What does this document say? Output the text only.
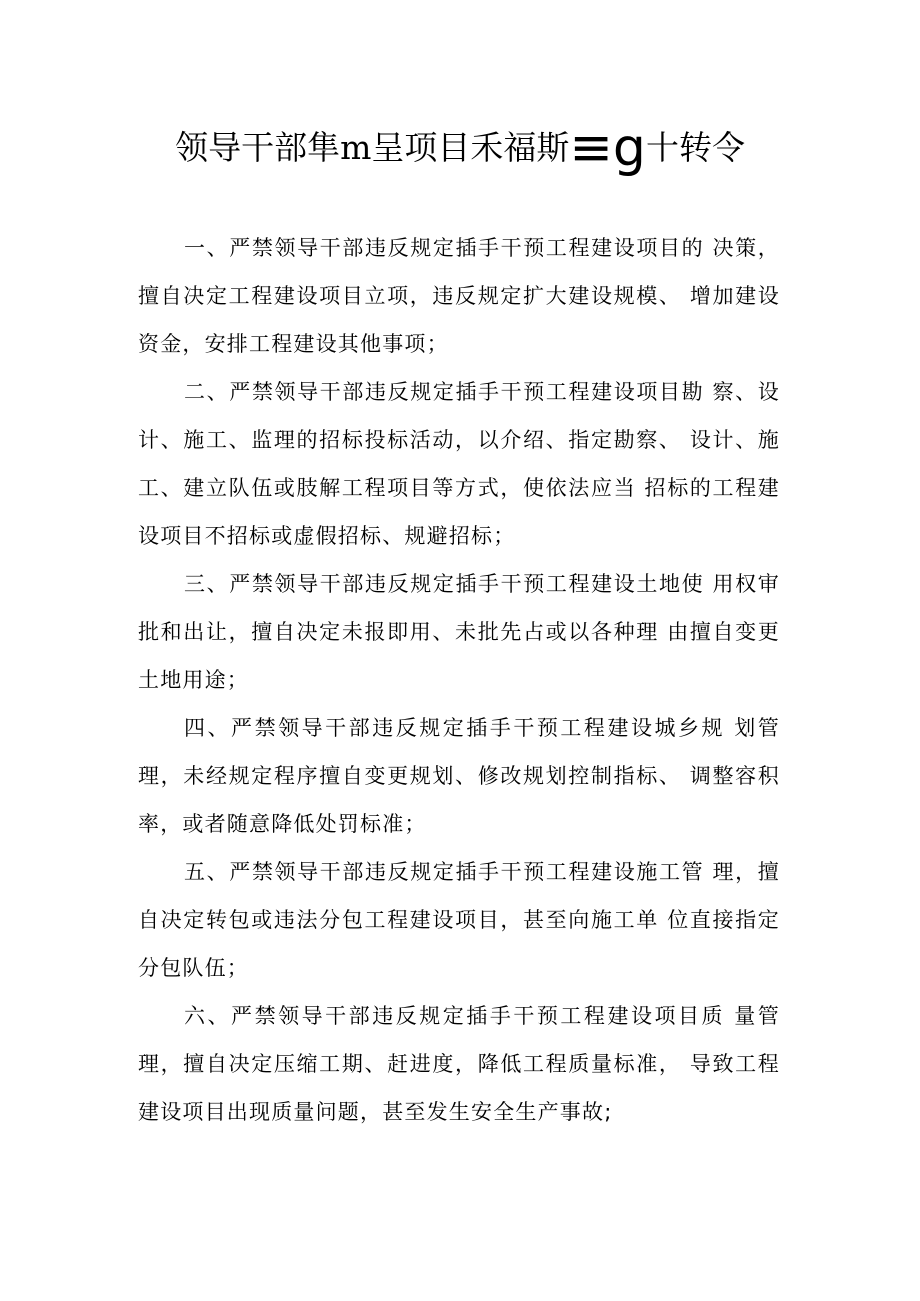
领导干部隼m呈项目禾福斯≡g十转令

一、严禁领导干部违反规定插手干预工程建设项目的 决策，擅自决定工程建设项目立项，违反规定扩大建设规模、 增加建设资金，安排工程建设其他事项；

二、严禁领导干部违反规定插手干预工程建设项目勘 察、设计、施工、监理的招标投标活动，以介绍、指定勘察、 设计、施工、建立队伍或肢解工程项目等方式，使依法应当 招标的工程建设项目不招标或虚假招标、规避招标；

三、严禁领导干部违反规定插手干预工程建设土地使 用权审批和出让，擅自决定未报即用、未批先占或以各种理 由擅自变更土地用途；

四、严禁领导干部违反规定插手干预工程建设城乡规 划管理，未经规定程序擅自变更规划、修改规划控制指标、 调整容积率，或者随意降低处罚标准；

五、严禁领导干部违反规定插手干预工程建设施工管 理，擅自决定转包或违法分包工程建设项目，甚至向施工单 位直接指定分包队伍；

六、严禁领导干部违反规定插手干预工程建设项目质 量管理，擅自决定压缩工期、赶进度，降低工程质量标准， 导致工程建设项目出现质量问题，甚至发生安全生产事故;
